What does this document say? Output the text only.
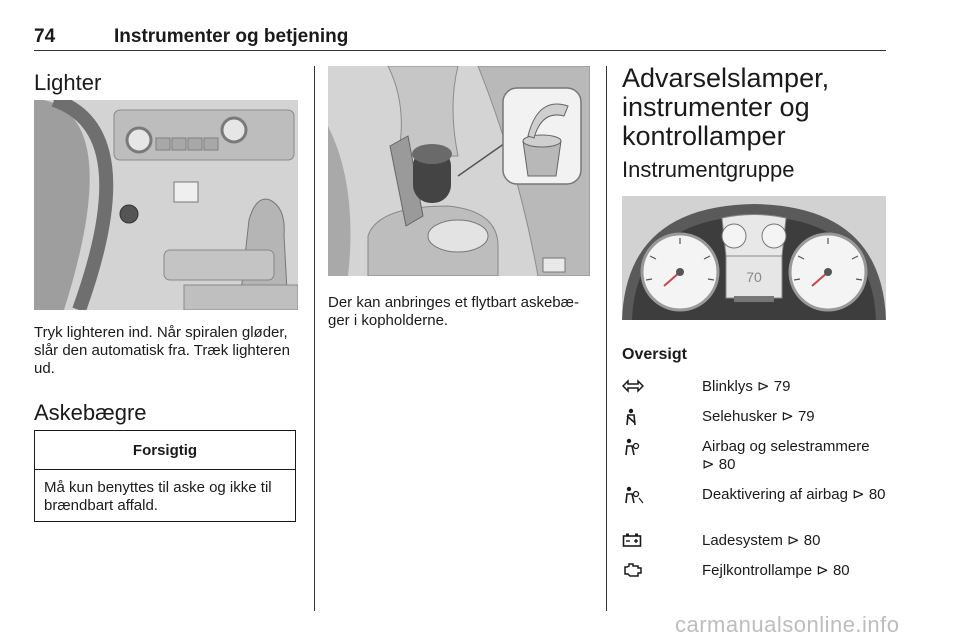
74	Instrumenter og betjening
Lighter
Tryk lighteren ind. Når spiralen gløder, slår den automatisk fra. Træk lighteren ud.
Askebægre
Forsigtig
Må kun benyttes til aske og ikke til brændbart affald.
Der kan anbringes et flytbart askebæ-ger i kopholderne.
Advarselslamper, instrumenter og kontrollamper
Instrumentgruppe
70
Oversigt
Blinklys ⊳ 79
Selehusker ⊳ 79
Airbag og selestrammere ⊳ 80
Deaktivering af airbag ⊳ 80
Ladesystem ⊳ 80
Fejlkontrollampe ⊳ 80
carmanualsonline.info
